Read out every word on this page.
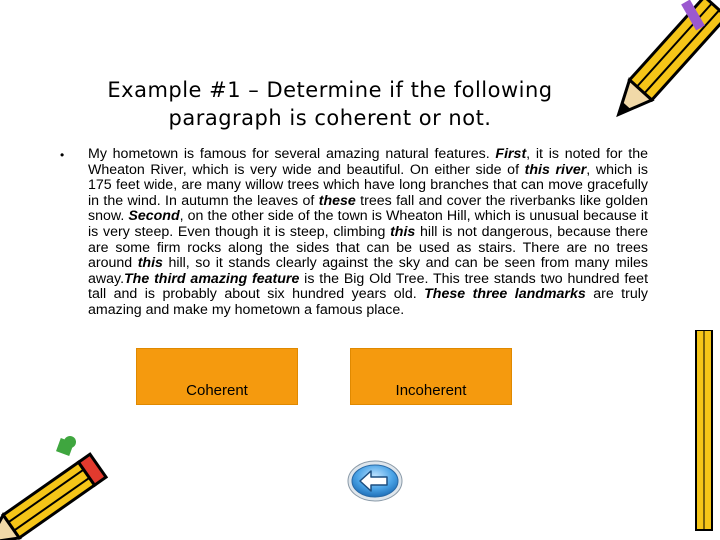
Example #1 – Determine if the following
paragraph is coherent or not.
• My hometown is famous for several amazing natural features. First, it is noted for the Wheaton River, which is very wide and beautiful. On either side of this river, which is 175 feet wide, are many willow trees which have long branches that can move gracefully in the wind. In autumn the leaves of these trees fall and cover the riverbanks like golden snow. Second, on the other side of the town is Wheaton Hill, which is unusual because it is very steep. Even though it is steep, climbing this hill is not dangerous, because there are some firm rocks along the sides that can be used as stairs. There are no trees around this hill, so it stands clearly against the sky and can be seen from many miles away.The third amazing feature is the Big Old Tree. This tree stands two hundred feet tall and is probably about six hundred years old. These three landmarks are truly amazing and make my hometown a famous place.

Coherent	Incoherent
